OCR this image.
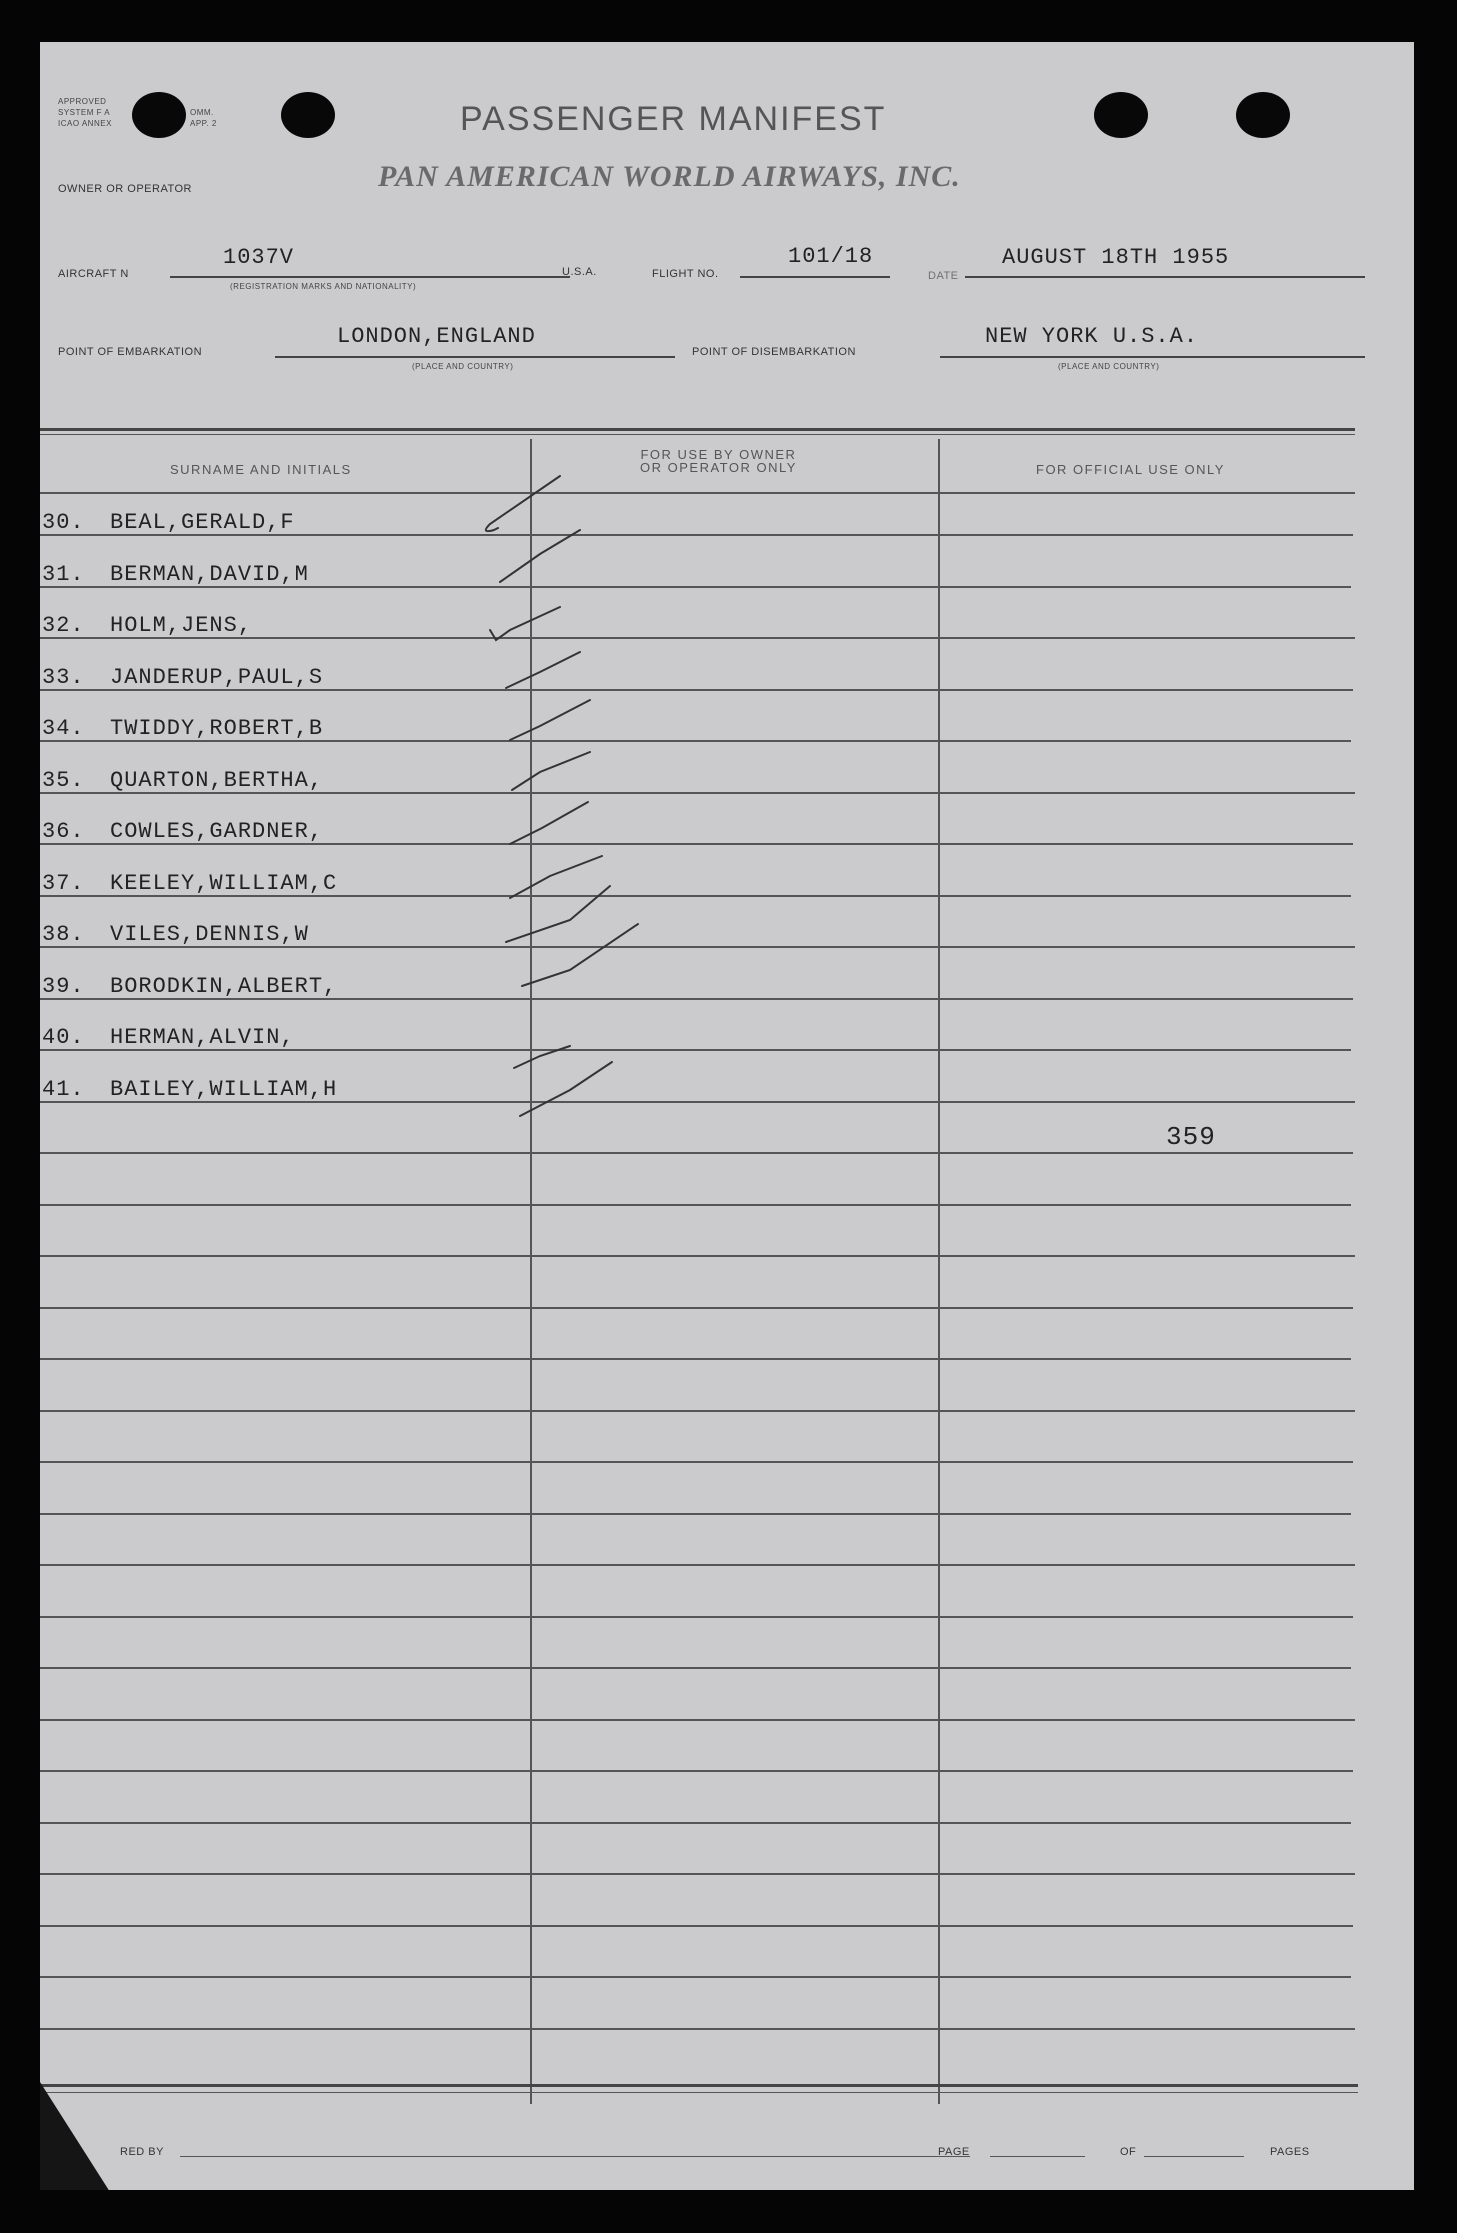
APPROVED
SYSTEM F A
ICAO ANNEX
OMM.
APP. 2	PASSENGER MANIFEST
OWNER OR OPERATOR	PAN AMERICAN WORLD AIRWAYS, INC.
AIRCRAFT N
1037V
(REGISTRATION MARKS AND NATIONALITY)
U.S.A.	FLIGHT NO.
101/18
DATE
AUGUST 18TH 1955
POINT OF EMBARKATION
LONDON,ENGLAND
(PLACE AND COUNTRY)
POINT OF DISEMBARKATION
NEW YORK U.S.A.
(PLACE AND COUNTRY)
SURNAME AND INITIALS
FOR USE BY OWNER
OR OPERATOR ONLY	FOR OFFICIAL USE ONLY
30. BEAL,GERALD,F
31. BERMAN,DAVID,M
32. HOLM,JENS,
33. JANDERUP,PAUL,S
34. TWIDDY,ROBERT,B
35. QUARTON,BERTHA,
36. COWLES,GARDNER,
37. KEELEY,WILLIAM,C
38. VILES,DENNIS,W
39. BORODKIN,ALBERT,
40. HERMAN,ALVIN,
41. BAILEY,WILLIAM,H
359
RED BY	PAGE	OF	PAGES
